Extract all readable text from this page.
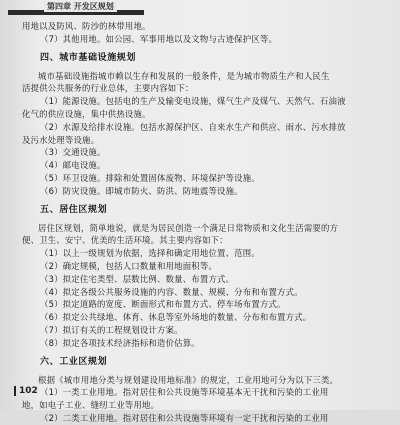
第四章 开发区规划
用地以及防风、防沙的林带用地。
（7）其他用地。如公园、军事用地以及文物与古迹保护区等。
四、城市基础设施规划
城市基础设施指城市赖以生存和发展的一般条件，是为城市物质生产和人民生
活提供公共服务的行业总体，主要内容如下：
（1）能源设施。包括电的生产及输变电设施，煤气生产及煤气、天然气、石油液
化气的供应设施，集中供热设施。
（2）水源及给排水设施。包括水源保护区、自来水生产和供应、雨水、污水排放
及污水处理等设施。
（3）交通设施。
（4）邮电设施。
（5）环卫设施。排除和处置固体废物、环境保护等设施。
（6）防灾设施。即城市防火、防洪、防地震等设施。
五、居住区规划
居住区规划，简单地说，就是为居民创造一个满足日常物质和文化生活需要的方
便、卫生、安宁、优美的生活环境。其主要内容如下：
（1）以上一级规划为依据，选择和确定用地位置、范围。
（2）确定规模，包括人口数量和用地面积等。
（3）拟定住宅类型、层数比例、数量、布置方式。
（4）拟定各级公共服务设施的内容、数量、规模、分布和布置方式。
（5）拟定道路的宽度、断面形式和布置方式、停车场布置方式。
（6）拟定公共绿地、体育、休息等室外场地的数量、分布和布置方式。
（7）拟订有关的工程规划设计方案。
（8）拟定各项技术经济指标和造价估算。
六、工业区规划
根据《城市用地分类与规划建设用地标准》的规定，工业用地可分为以下三类。
（1）一类工业用地。指对居住和公共设施等环境基本无干扰和污染的工业用
地，如电子工业、缝纫工业等用地。
（2）二类工业用地。指对居住和公共设施等环境有一定干扰和污染的工业用
102
